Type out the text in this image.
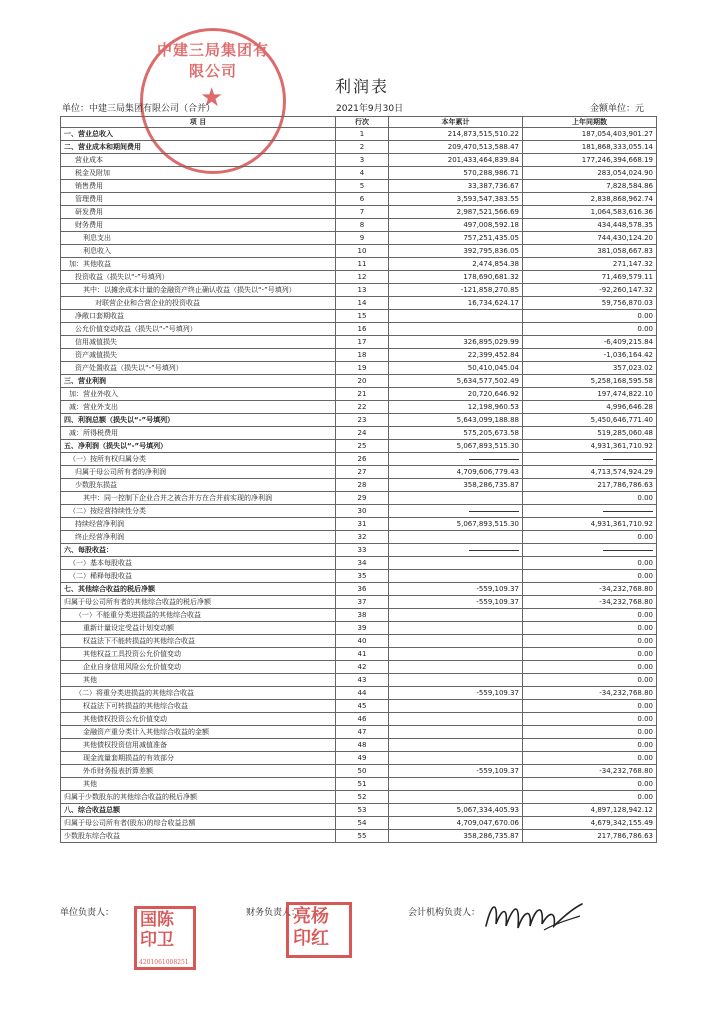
中建三局集团有限公司
★	利润表
单位：中建三局集团有限公司（合并）	2021年9月30日	金额单位：元
项 目	行次	本年累计	上年同期数
一、营业总收入	1	214,873,515,510.22	187,054,403,901.27
二、营业成本和期间费用	2	209,470,513,588.47	181,868,333,055.14
营业成本	3	201,433,464,839.84	177,246,394,668.19
税金及附加	4	570,288,986.71	283,054,024.90
销售费用	5	33,387,736.67	7,828,584.86
管理费用	6	3,593,547,383.55	2,838,868,962.74
研发费用	7	2,987,521,566.69	1,064,583,616.36
财务费用	8	497,008,592.18	434,448,578.35
利息支出	9	757,251,435.05	744,430,124.20
利息收入	10	392,795,836.05	381,058,667.83
加：其他收益	11	2,474,854.38	271,147.32
投资收益（损失以“-”号填列）	12	178,690,681.32	71,469,579.11
其中：以摊余成本计量的金融资产终止确认收益（损失以“-”号填列）	13	-121,858,270.85	-92,260,147.32
对联营企业和合营企业的投资收益	14	16,734,624.17	59,756,870.03
净敞口套期收益	15		0.00
公允价值变动收益（损失以“-”号填列）	16		0.00
信用减值损失	17	326,895,029.99	-6,409,215.84
资产减值损失	18	22,399,452.84	-1,036,164.42
资产处置收益（损失以“-”号填列）	19	50,410,045.04	357,023.02
三、营业利润	20	5,634,577,502.49	5,258,168,595.58
加：营业外收入	21	20,720,646.92	197,474,822.10
减：营业外支出	22	12,198,960.53	4,996,646.28
四、利润总额（损失以“-”号填列）	23	5,643,099,188.88	5,450,646,771.40
减：所得税费用	24	575,205,673.58	519,285,060.48
五、净利润（损失以“-”号填列）	25	5,067,893,515.30	4,931,361,710.92
（一）按所有权归属分类	26		
归属于母公司所有者的净利润	27	4,709,606,779.43	4,713,574,924.29
少数股东损益	28	358,286,735.87	217,786,786.63
其中：同一控制下企业合并之被合并方在合并前实现的净利润	29		0.00
（二）按经营持续性分类	30		
持续经营净利润	31	5,067,893,515.30	4,931,361,710.92
终止经营净利润	32		0.00
六、每股收益：	33		
（一）基本每股收益	34		0.00
（二）稀释每股收益	35		0.00
七、其他综合收益的税后净额	36	-559,109.37	-34,232,768.80
归属于母公司所有者的其他综合收益的税后净额	37	-559,109.37	-34,232,768.80
（一）不能重分类进损益的其他综合收益	38		0.00
重新计量设定受益计划变动额	39		0.00
权益法下不能转损益的其他综合收益	40		0.00
其他权益工具投资公允价值变动	41		0.00
企业自身信用风险公允价值变动	42		0.00
其他	43		0.00
（二）将重分类进损益的其他综合收益	44	-559,109.37	-34,232,768.80
权益法下可转损益的其他综合收益	45		0.00
其他债权投资公允价值变动	46		0.00
金融资产重分类计入其他综合收益的金额	47		0.00
其他债权投资信用减值准备	48		0.00
现金流量套期损益的有效部分	49		0.00
外币财务报表折算差额	50	-559,109.37	-34,232,768.80
其他	51		0.00
归属于少数股东的其他综合收益的税后净额	52		0.00
八、综合收益总额	53	5,067,334,405.93	4,897,128,942.12
归属于母公司所有者(股东)的综合收益总额	54	4,709,047,670.06	4,679,342,155.49
少数股东综合收益	55	358,286,735.87	217,786,786.63
单位负责人：	财务负责人：	会计机构负责人：
国陈
印卫
4201061008251
亮杨
印红
